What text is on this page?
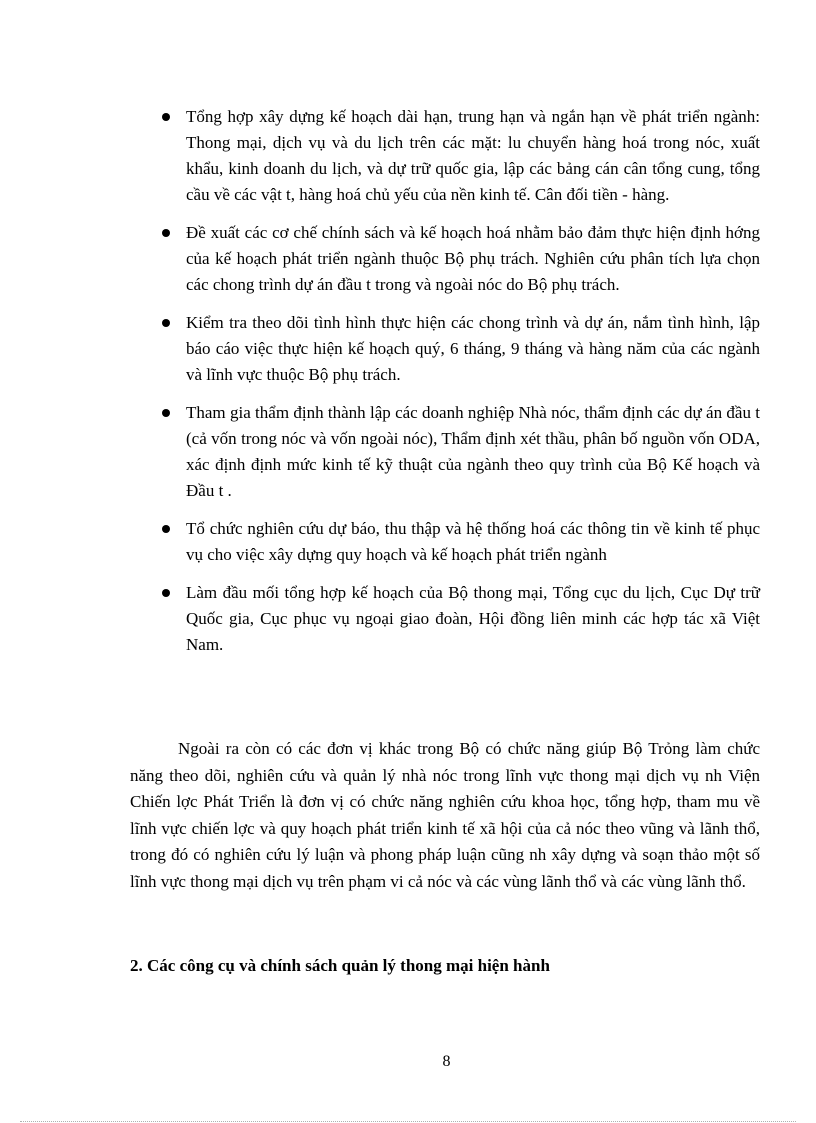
Tổng hợp xây dựng kế hoạch dài hạn, trung hạn và ngắn hạn về phát triển ngành: Thong mại, dịch vụ và du lịch trên các mặt: lu chuyển hàng hoá trong nóc, xuất khẩu, kinh doanh du lịch, và dự trữ quốc gia, lập các bảng cán cân tổng cung, tổng cầu về các vật t, hàng hoá chủ yếu của nền kinh tế. Cân đối tiền - hàng.
Đề xuất các cơ chế chính sách và kế hoạch hoá nhằm bảo đảm thực hiện định hớng của kế hoạch phát triển ngành thuộc Bộ phụ trách. Nghiên cứu phân tích lựa chọn các chong trình dự án đầu t trong và ngoài nóc do Bộ phụ trách.
Kiểm tra theo dõi tình hình thực hiện các chong trình và dự án, nắm tình hình, lập báo cáo việc thực hiện kế hoạch quý, 6 tháng, 9 tháng và hàng năm của các ngành và lĩnh vực thuộc Bộ phụ trách.
Tham gia thẩm định thành lập các doanh nghiệp Nhà nóc, thẩm định các dự án đầu t (cả vốn trong nóc và vốn ngoài nóc), Thẩm định xét thầu, phân bố nguồn vốn ODA, xác định định mức kinh tế kỹ thuật của ngành theo quy trình của Bộ Kế hoạch và Đầu t .
Tổ chức nghiên cứu dự báo, thu thập và hệ thống hoá các thông tin về kinh tế phục vụ cho việc xây dựng quy hoạch và kế hoạch phát triển ngành
Làm đầu mối tổng hợp kế hoạch của Bộ thong mại, Tổng cục du lịch, Cục Dự trữ Quốc gia, Cục phục vụ ngoại giao đoàn, Hội đồng liên minh các hợp tác xã Việt Nam.

Ngoài ra còn có các đơn vị khác trong Bộ có chức năng giúp Bộ Trỏng làm chức năng theo dõi, nghiên cứu và quản lý nhà nóc trong lĩnh vực thong mại dịch vụ nh Viện Chiến lợc Phát Triển là đơn vị có chức năng nghiên cứu khoa học, tổng hợp, tham mu về lĩnh vực chiến lợc và quy hoạch phát triển kinh tế xã hội của cả nóc theo vũng và lãnh thổ, trong đó có nghiên cứu lý luận và phong pháp luận cũng nh xây dựng và soạn thảo một số lĩnh vực thong mại dịch vụ trên phạm vi cả nóc và các vùng lãnh thổ và các vùng lãnh thổ.

2. Các công cụ và chính sách quản lý thong mại hiện hành
8
